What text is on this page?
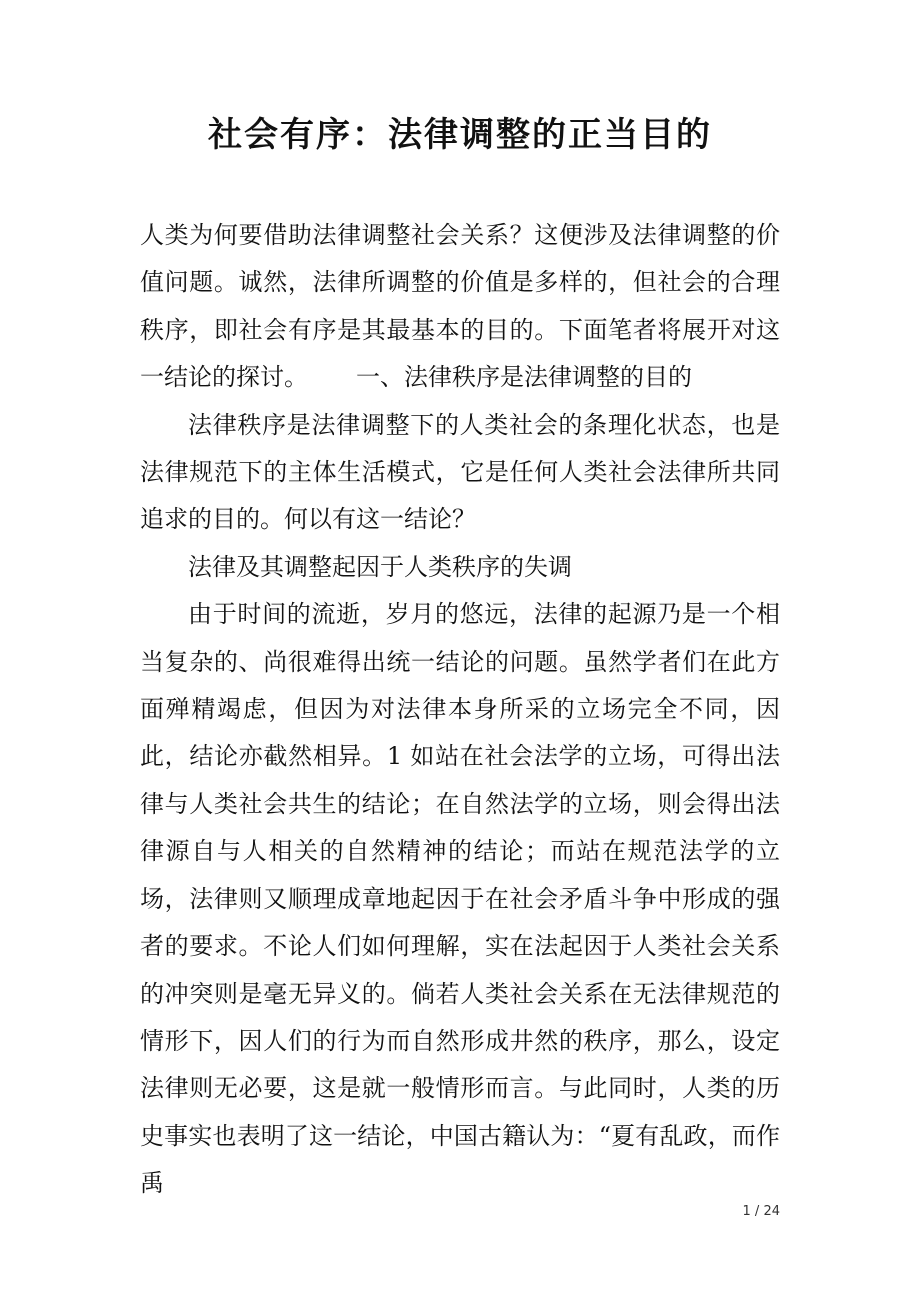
社会有序：法律调整的正当目的

人类为何要借助法律调整社会关系？这便涉及法律调整的价值问题。诚然，法律所调整的价值是多样的，但社会的合理秩序，即社会有序是其最基本的目的。下面笔者将展开对这一结论的探讨。 一、法律秩序是法律调整的目的

法律秩序是法律调整下的人类社会的条理化状态，也是法律规范下的主体生活模式，它是任何人类社会法律所共同追求的目的。何以有这一结论？

法律及其调整起因于人类秩序的失调

由于时间的流逝，岁月的悠远，法律的起源乃是一个相当复杂的、尚很难得出统一结论的问题。虽然学者们在此方面殚精竭虑，但因为对法律本身所采的立场完全不同，因此，结论亦截然相异。1 如站在社会法学的立场，可得出法律与人类社会共生的结论；在自然法学的立场，则会得出法律源自与人相关的自然精神的结论；而站在规范法学的立场，法律则又顺理成章地起因于在社会矛盾斗争中形成的强者的要求。不论人们如何理解，实在法起因于人类社会关系的冲突则是毫无异义的。倘若人类社会关系在无法律规范的情形下，因人们的行为而自然形成井然的秩序，那么，设定法律则无必要，这是就一般情形而言。与此同时，人类的历史事实也表明了这一结论，中国古籍认为：“夏有乱政，而作禹

1 / 24
